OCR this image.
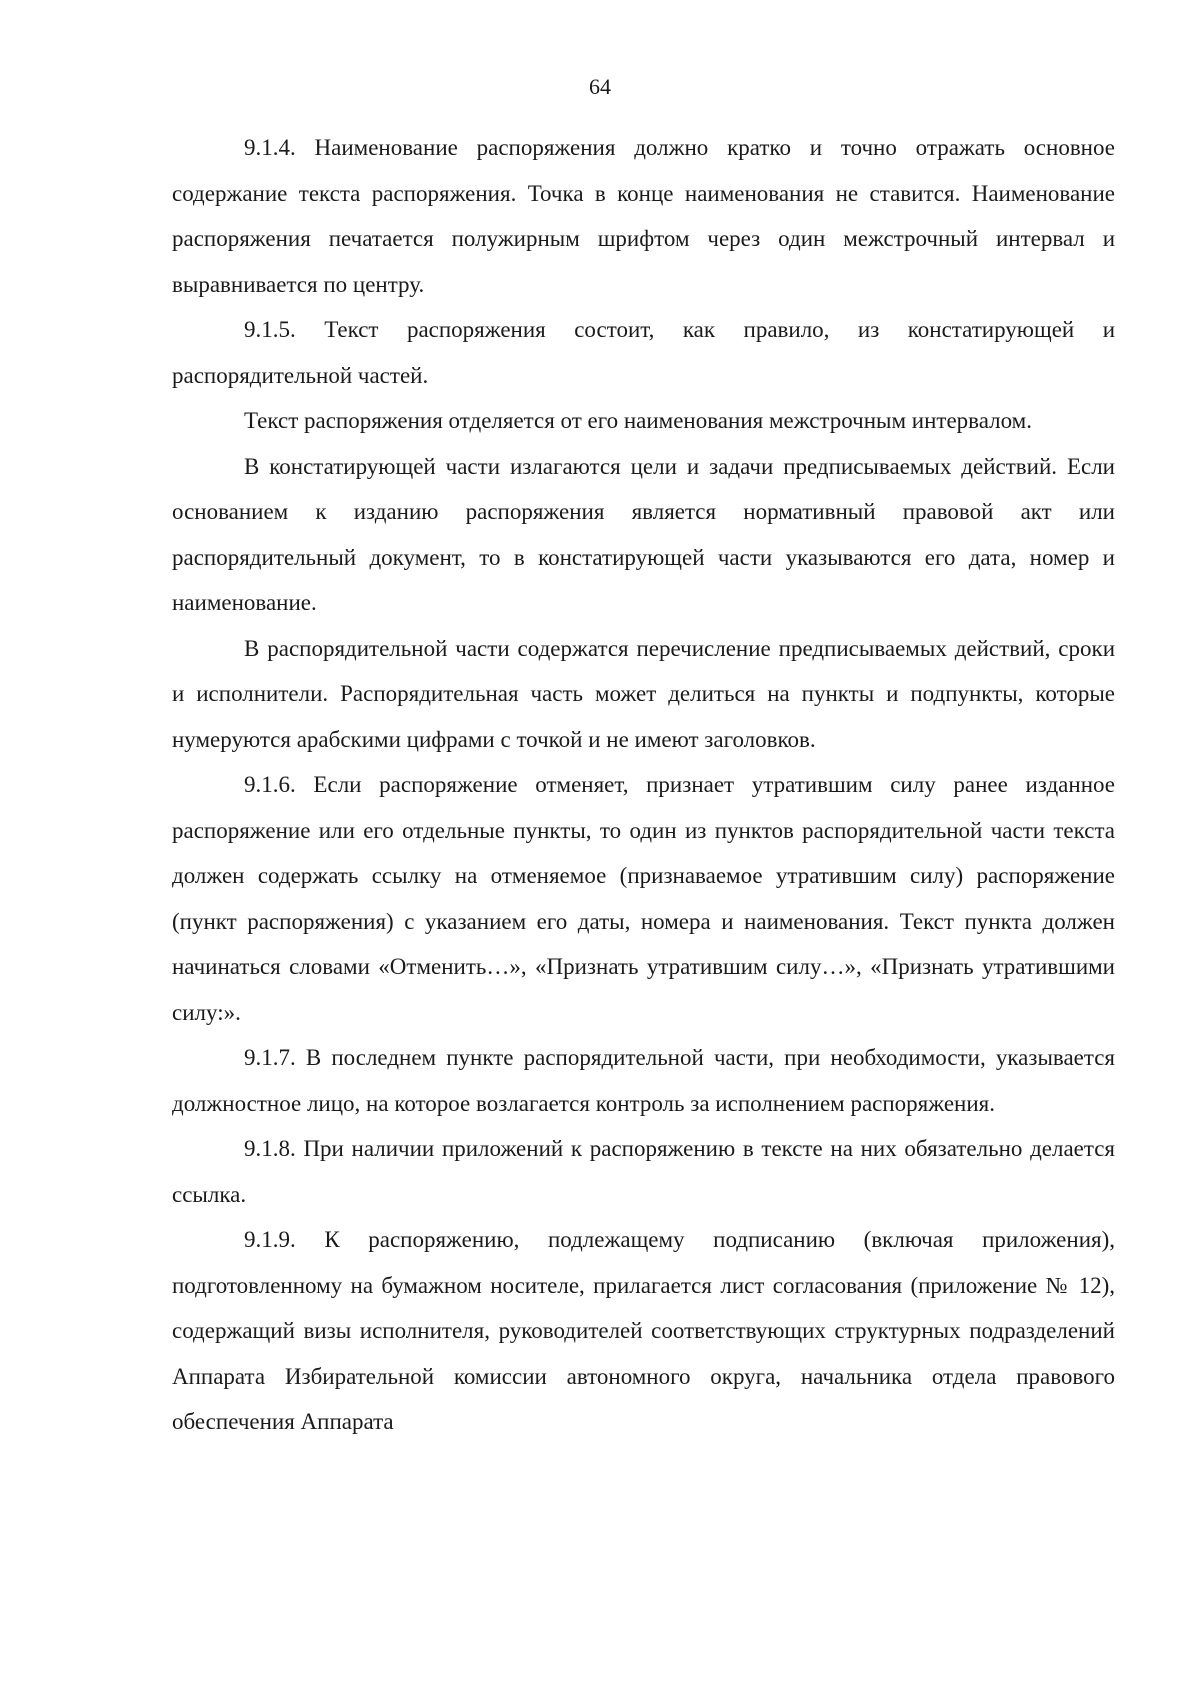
64

9.1.4. Наименование распоряжения должно кратко и точно отражать основное содержание текста распоряжения. Точка в конце наименования не ставится. Наименование распоряжения печатается полужирным шрифтом через один межстрочный интервал и выравнивается по центру.

9.1.5. Текст распоряжения состоит, как правило, из констатирующей и распорядительной частей.

Текст распоряжения отделяется от его наименования межстрочным интервалом.

В констатирующей части излагаются цели и задачи предписываемых действий. Если основанием к изданию распоряжения является нормативный правовой акт или распорядительный документ, то в констатирующей части указываются его дата, номер и наименование.

В распорядительной части содержатся перечисление предписываемых действий, сроки и исполнители. Распорядительная часть может делиться на пункты и подпункты, которые нумеруются арабскими цифрами с точкой и не имеют заголовков.

9.1.6. Если распоряжение отменяет, признает утратившим силу ранее изданное распоряжение или его отдельные пункты, то один из пунктов распорядительной части текста должен содержать ссылку на отменяемое (признаваемое утратившим силу) распоряжение (пункт распоряжения) с указанием его даты, номера и наименования. Текст пункта должен начинаться словами «Отменить…», «Признать утратившим силу…», «Признать утратившими силу:».

9.1.7. В последнем пункте распорядительной части, при необходимости, указывается должностное лицо, на которое возлагается контроль за исполнением распоряжения.

9.1.8. При наличии приложений к распоряжению в тексте на них обязательно делается ссылка.

9.1.9. К распоряжению, подлежащему подписанию (включая приложения), подготовленному на бумажном носителе, прилагается лист согласования (приложение № 12), содержащий визы исполнителя, руководителей соответствующих структурных подразделений Аппарата Избирательной комиссии автономного округа, начальника отдела правового обеспечения Аппарата
